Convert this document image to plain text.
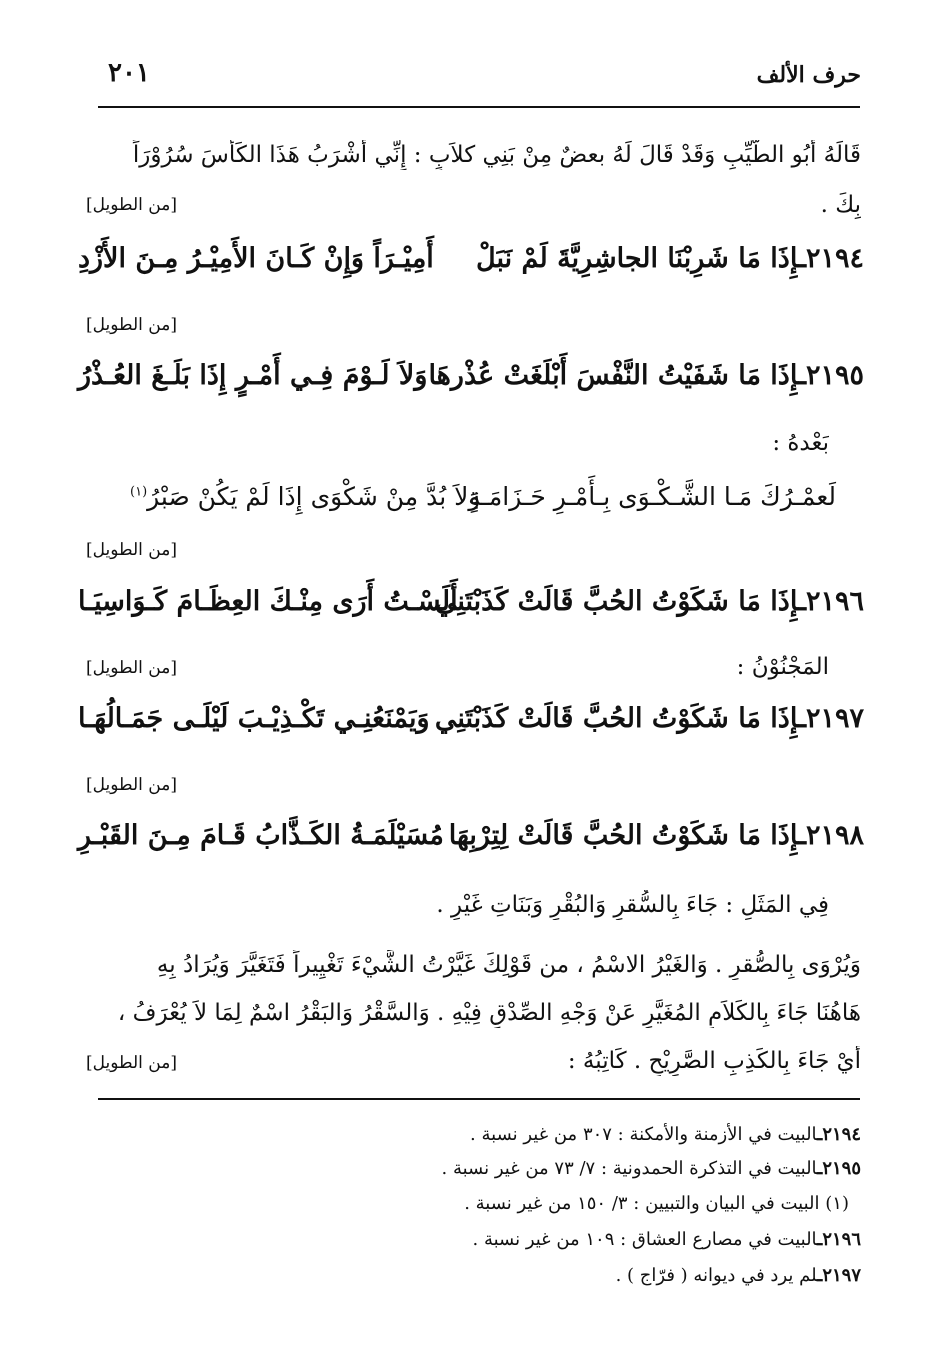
حرف الألف
٢٠١
قَالَهُ أَبُو الطَّيِّبِ وَقَدْ قَالَ لَهُ بعضٌ مِنْ بَنِي كلاَبٍ : إِنِّي أَشْرَبُ هَذَا الكَأسَ سُرُوْرَاً
بِكَ .
[من الطويل]
٢١٩٤ـإِذَا مَا شَرِبْنَا الجاشِرِيَّةَ لَمْ نَبَلْ
أَمِيْـرَاً وَإِنْ كَـانَ الأَمِيْـرُ مِـنَ الأَزْدِ
[من الطويل]
٢١٩٥ـإِذَا مَا شَفَيْتُ النَّفْسَ أَبْلَغَتْ عُذْرهَا
وَلاَ لَـوْمَ فِـي أَمْـرٍ إِذَا بَلَـغَ العُـذْرُ
بَعْدهُ :
لَعمْـرُكَ مَـا الشَّـكْـوَى بِـأَمْـرِ حَـزَامَـةٍ
وَلاَ بُدَّ مِنْ شَكْوَى إِذَا لَمْ يَكُنْ صَبْرُ$^{(١)}$
[من الطويل]
٢١٩٦ـإِذَا مَا شَكَوْتُ الحُبَّ قَالَتْ كَذَبْتَنِي
أَلَسْـتُ أَرَى مِنْـكَ العِظَـامَ كَـوَاسِيَـا
المَجْنُوْنُ :
[من الطويل]
٢١٩٧ـإِذَا مَا شَكَوْتُ الحُبَّ قَالَتْ كَذَبْتَنِي
وَيَمْنَعُنِـي تَكْـذِيْـبَ لَيْلَـى جَمَـالُهَـا
[من الطويل]
٢١٩٨ـإِذَا مَا شَكَوْتُ الحُبَّ قَالَتْ لِتِرْبِهَا
مُسَيْلَمَـةُ الكَـذَّابُ قَـامَ مِـنَ القَبْـرِ
فِي المَثَلِ : جَاءَ بِالسُّقرِ وَالبُقْرِ وَبَنَاتِ غَيْرٍ .
وَيُرْوَى بِالصُّقرِ . وَالغَيْرُ الاسْمُ ، من قَوْلِكَ غَيَّرْتُ الشَّيْءَ تَغْيِيراً فَتَغَيَّرَ وَيُرَادُ بِهِ
هَاهُنَا جَاءَ بِالكَلاَمِ المُغَيَّرِ عَنْ وَجْهِ الصِّدْقِ فِيْهِ . وَالسَّقْرُ وَالبَقْرُ اسْمٌ لِمَا لاَ يُعْرَفُ ،
أَيْ جَاءَ بِالكَذِبِ الصَّرِيْحِ . كَاتِبُهُ :
[من الطويل]
٢١٩٤ـالبيت في الأزمنة والأمكنة : ٣٠٧ من غير نسبة .
٢١٩٥ـالبيت في التذكرة الحمدونية : ٧/ ٧٣ من غير نسبة .
(١) البيت في البيان والتبيين : ٣/ ١٥٠ من غير نسبة .
٢١٩٦ـالبيت في مصارع العشاق : ١٠٩ من غير نسبة .
٢١٩٧ـلم يرد في ديوانه ( فرّاج ) .
